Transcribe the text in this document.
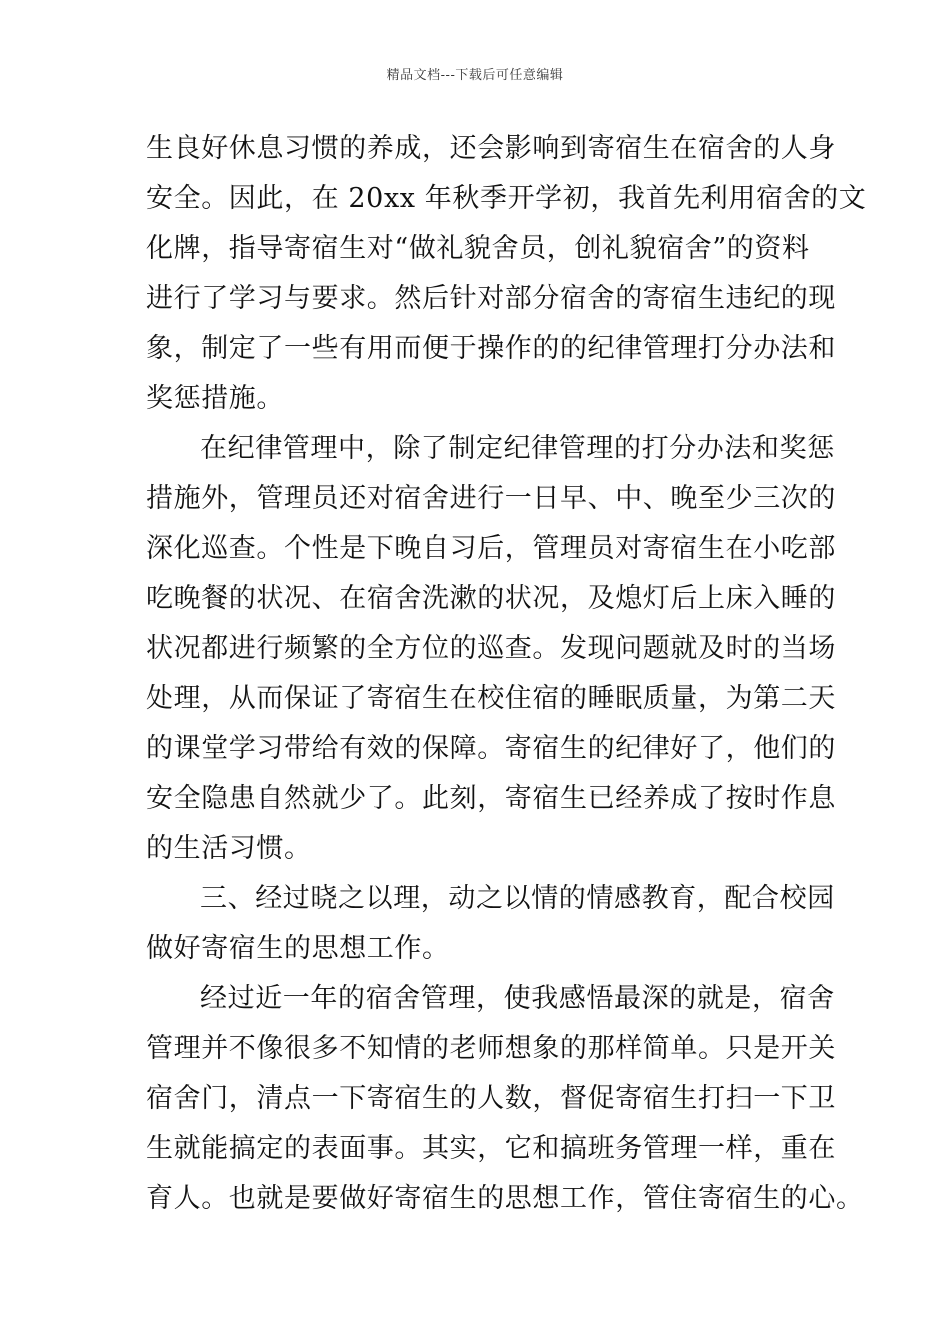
精品文档---下载后可任意编辑
生良好休息习惯的养成，还会影响到寄宿生在宿舍的人身
安全。因此，在 20xx 年秋季开学初，我首先利用宿舍的文
化牌，指导寄宿生对“做礼貌舍员，创礼貌宿舍”的资料
进行了学习与要求。然后针对部分宿舍的寄宿生违纪的现
象，制定了一些有用而便于操作的的纪律管理打分办法和
奖惩措施。
在纪律管理中，除了制定纪律管理的打分办法和奖惩
措施外，管理员还对宿舍进行一日早、中、晚至少三次的
深化巡查。个性是下晚自习后，管理员对寄宿生在小吃部
吃晚餐的状况、在宿舍洗漱的状况，及熄灯后上床入睡的
状况都进行频繁的全方位的巡查。发现问题就及时的当场
处理，从而保证了寄宿生在校住宿的睡眠质量，为第二天
的课堂学习带给有效的保障。寄宿生的纪律好了，他们的
安全隐患自然就少了。此刻，寄宿生已经养成了按时作息
的生活习惯。
三、经过晓之以理，动之以情的情感教育，配合校园
做好寄宿生的思想工作。
经过近一年的宿舍管理，使我感悟最深的就是，宿舍
管理并不像很多不知情的老师想象的那样简单。只是开关
宿舍门，清点一下寄宿生的人数，督促寄宿生打扫一下卫
生就能搞定的表面事。其实，它和搞班务管理一样，重在
育人。也就是要做好寄宿生的思想工作，管住寄宿生的心。
